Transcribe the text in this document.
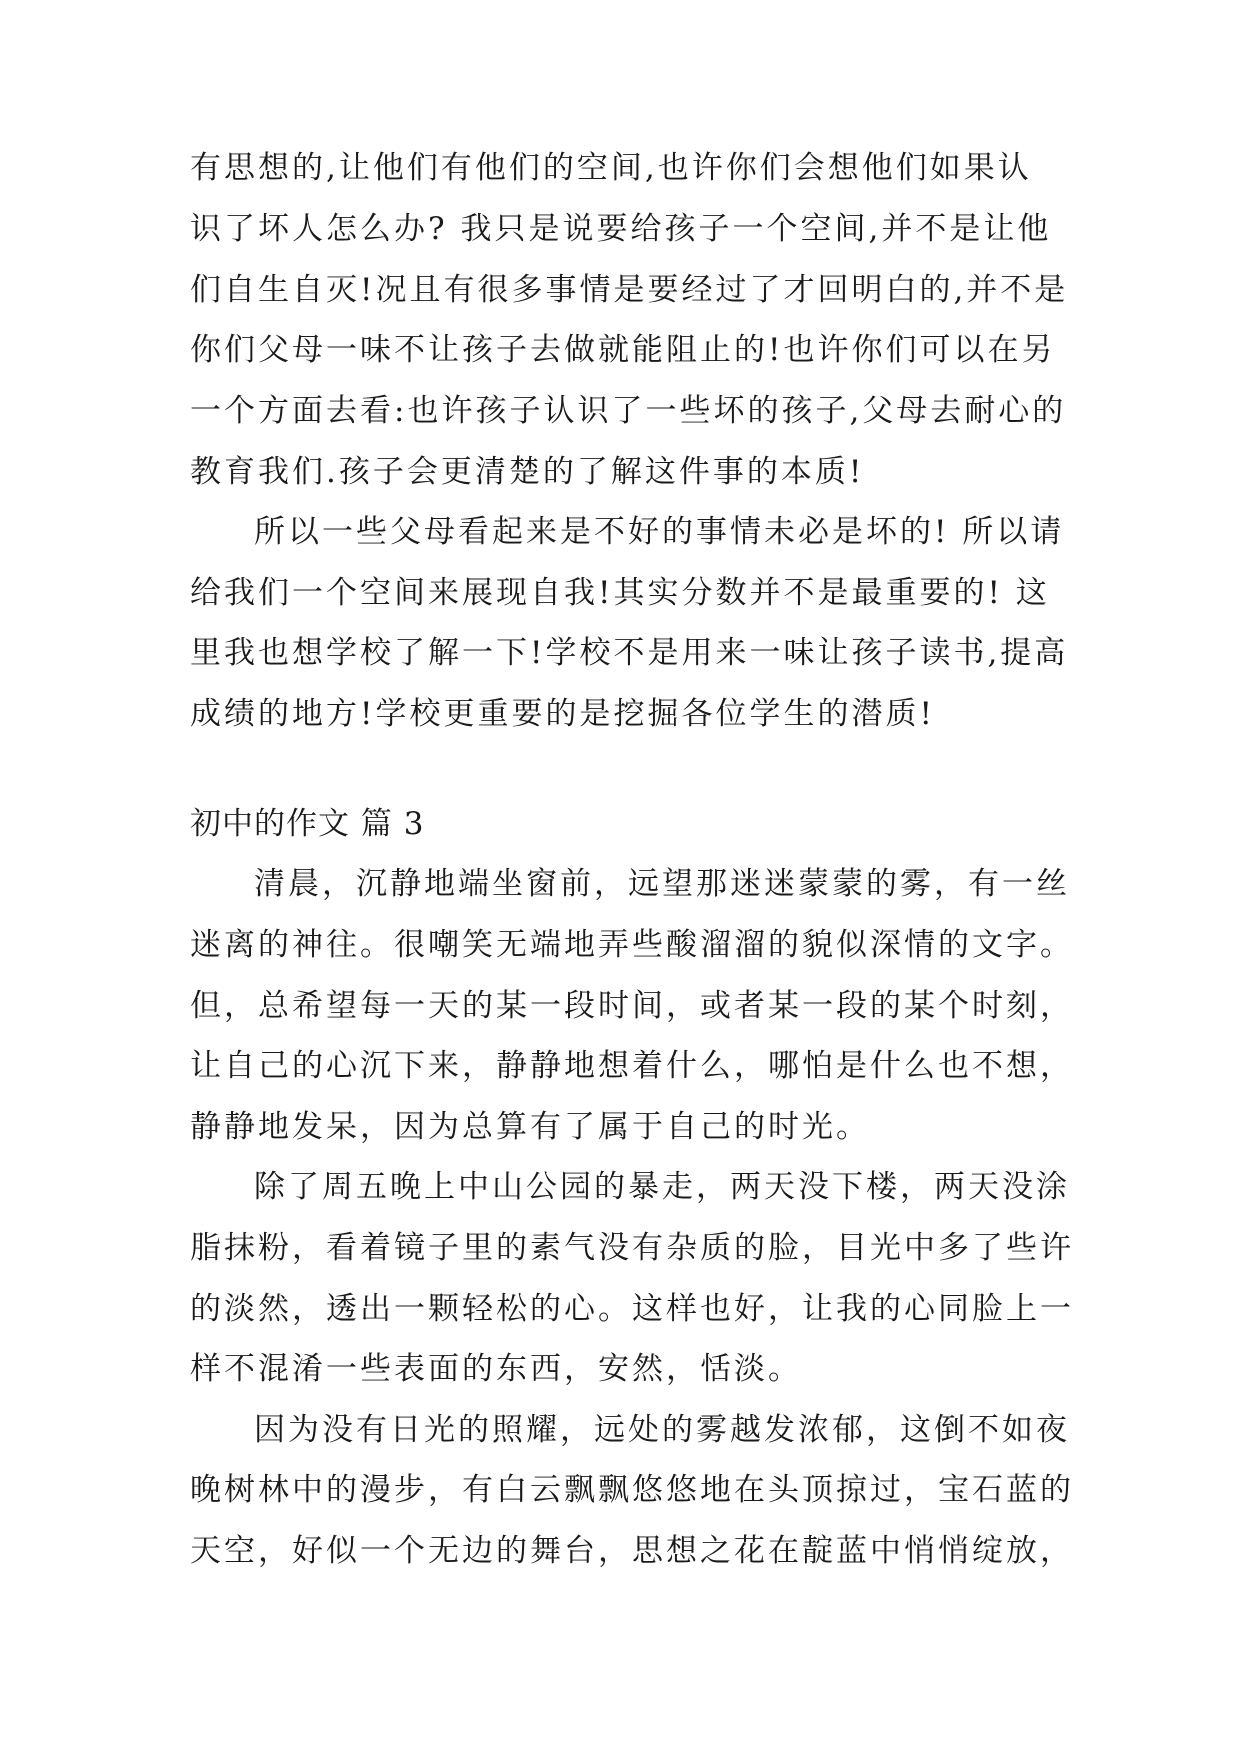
有思想的,让他们有他们的空间,也许你们会想他们如果认
识了坏人怎么办? 我只是说要给孩子一个空间,并不是让他
们自生自灭!况且有很多事情是要经过了才回明白的,并不是
你们父母一味不让孩子去做就能阻止的!也许你们可以在另
一个方面去看:也许孩子认识了一些坏的孩子,父母去耐心的
教育我们.孩子会更清楚的了解这件事的本质!
所以一些父母看起来是不好的事情未必是坏的! 所以请
给我们一个空间来展现自我!其实分数并不是最重要的! 这
里我也想学校了解一下!学校不是用来一味让孩子读书,提高
成绩的地方!学校更重要的是挖掘各位学生的潜质!
初中的作文 篇 3
清晨，沉静地端坐窗前，远望那迷迷蒙蒙的雾，有一丝
迷离的神往。很嘲笑无端地弄些酸溜溜的貌似深情的文字。
但，总希望每一天的某一段时间，或者某一段的某个时刻，
让自己的心沉下来，静静地想着什么，哪怕是什么也不想，
静静地发呆，因为总算有了属于自己的时光。
除了周五晚上中山公园的暴走，两天没下楼，两天没涂
脂抹粉，看着镜子里的素气没有杂质的脸，目光中多了些许
的淡然，透出一颗轻松的心。这样也好，让我的心同脸上一
样不混淆一些表面的东西，安然，恬淡。
因为没有日光的照耀，远处的雾越发浓郁，这倒不如夜
晚树林中的漫步，有白云飘飘悠悠地在头顶掠过，宝石蓝的
天空，好似一个无边的舞台，思想之花在靛蓝中悄悄绽放，
